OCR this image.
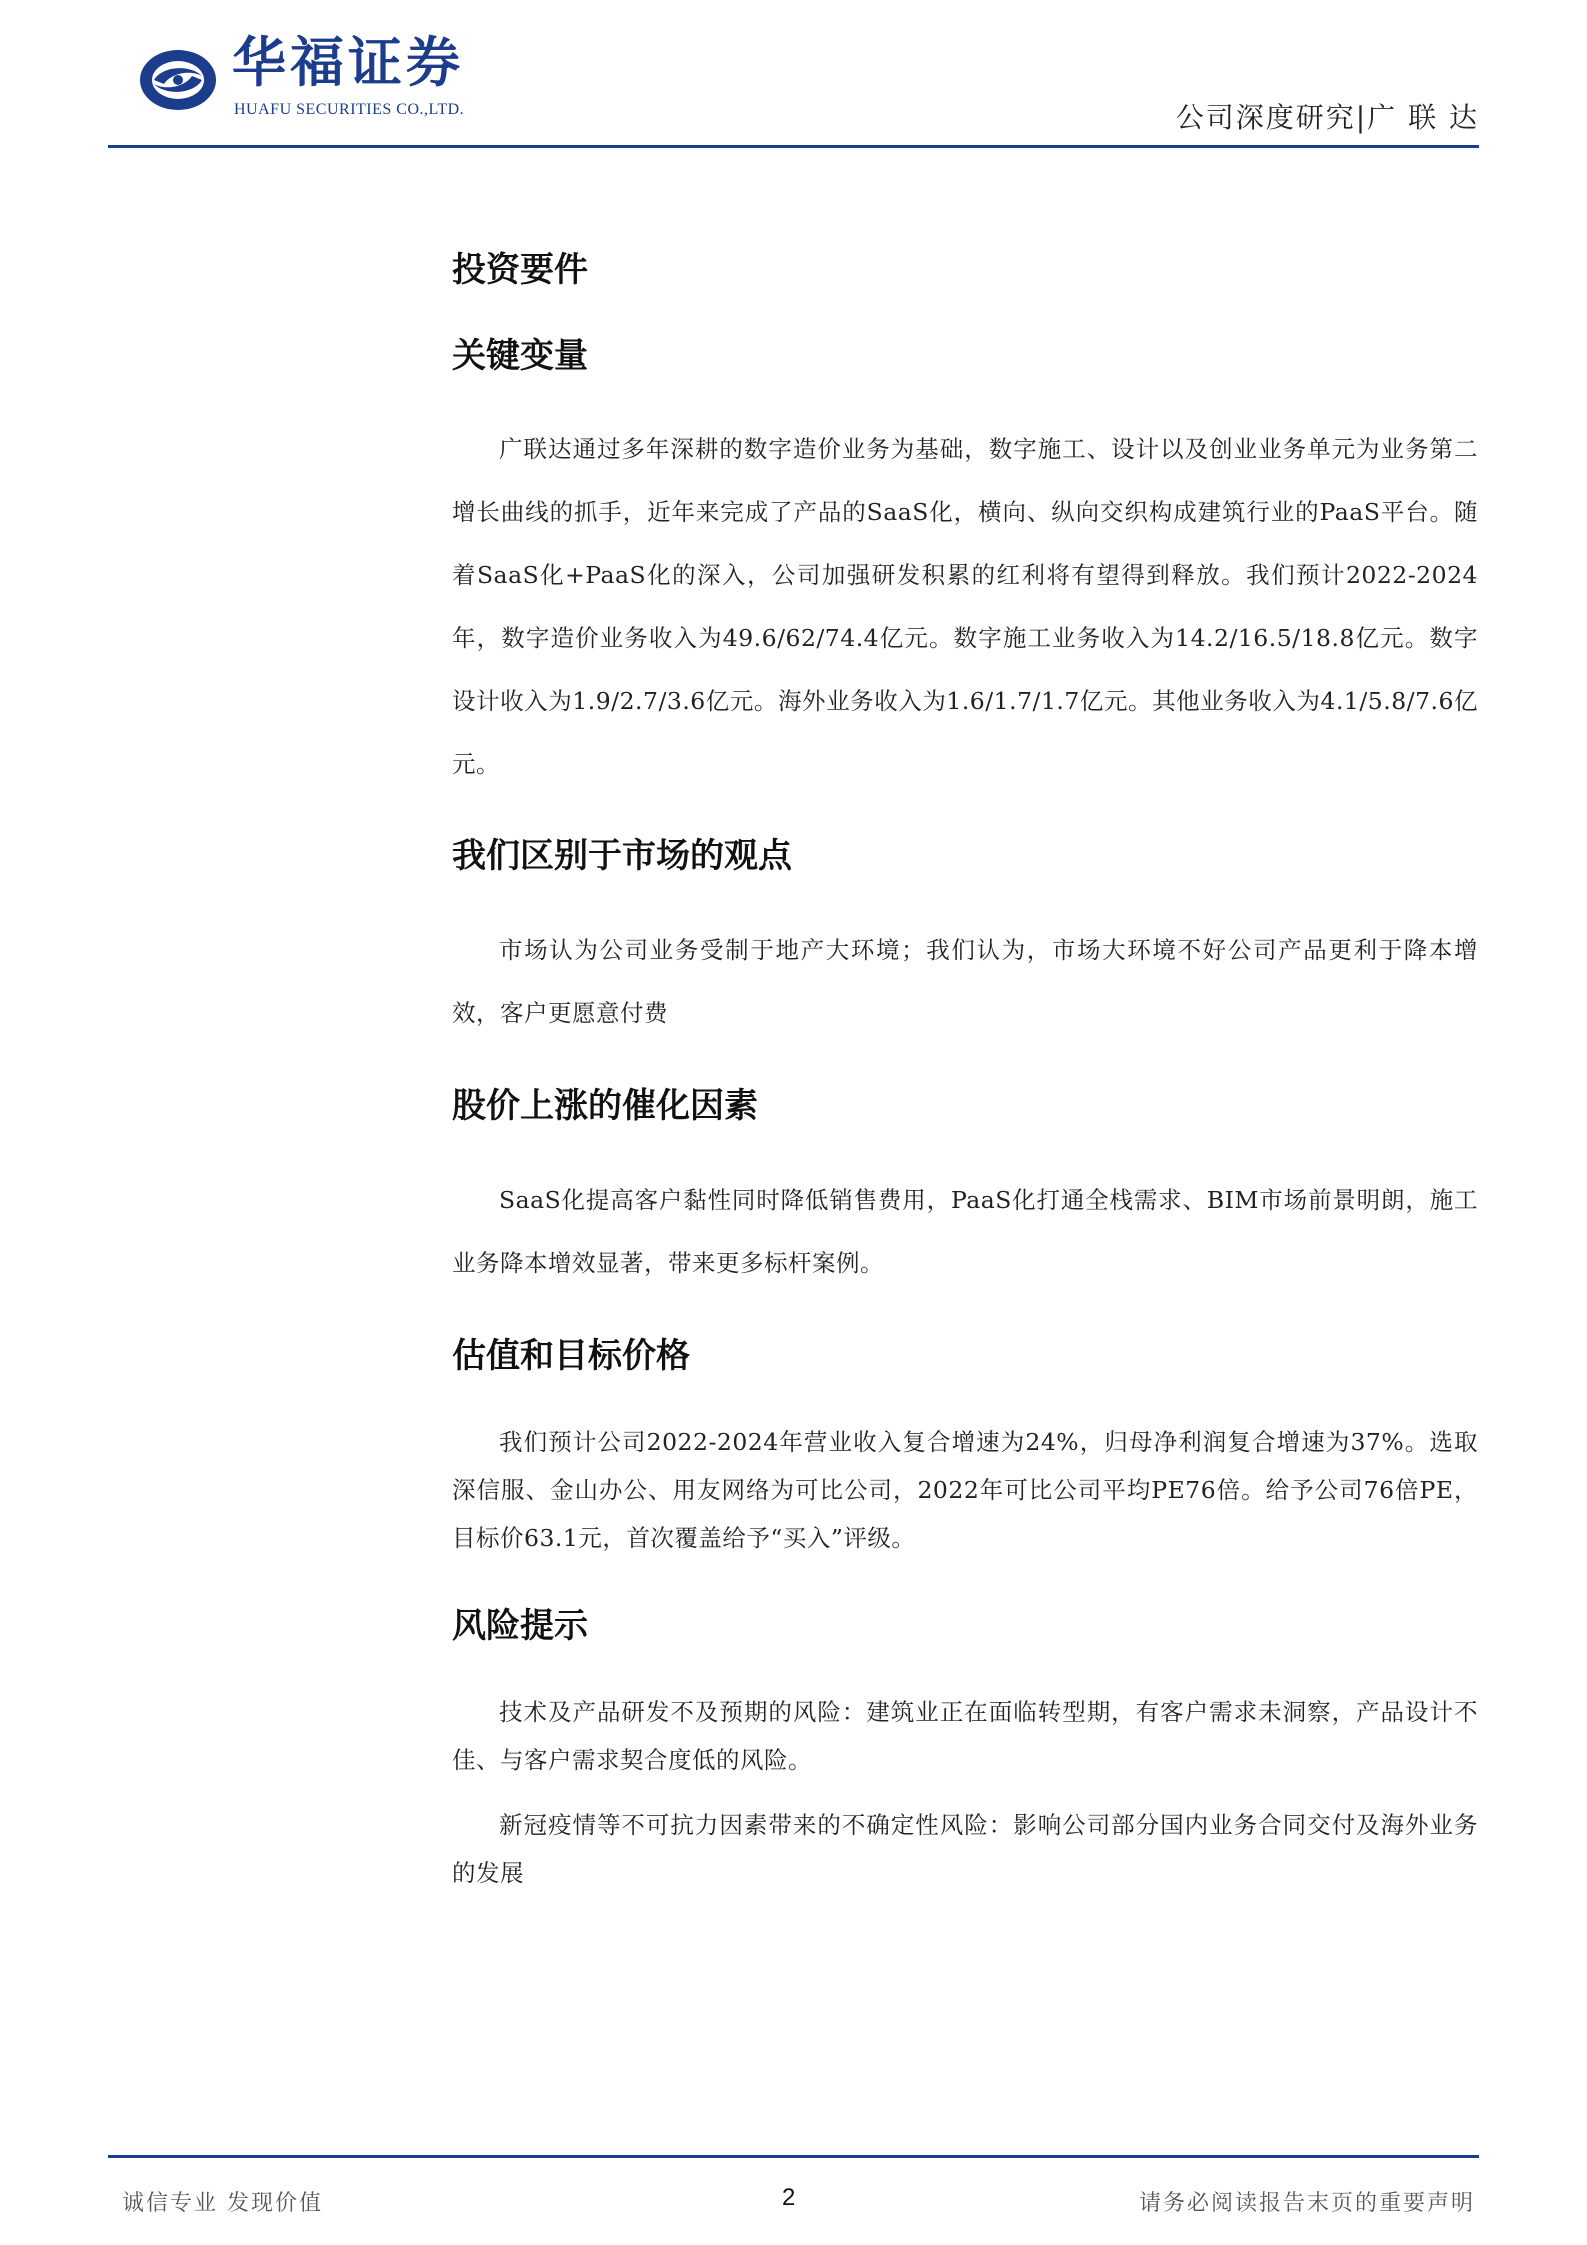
华福证券
HUAFU SECURITIES CO.,LTD.	公司深度研究|广 联 达
投资要件
关键变量

广联达通过多年深耕的数字造价业务为基础，数字施工、设计以及创业业务单元为业务第二增长曲线的抓手，近年来完成了产品的SaaS化，横向、纵向交织构成建筑行业的PaaS平台。随着SaaS化+PaaS化的深入，公司加强研发积累的红利将有望得到释放。我们预计2022-2024年，数字造价业务收入为49.6/62/74.4亿元。数字施工业务收入为14.2/16.5/18.8亿元。数字设计收入为1.9/2.7/3.6亿元。海外业务收入为1.6/1.7/1.7亿元。其他业务收入为4.1/5.8/7.6亿元。

我们区别于市场的观点

市场认为公司业务受制于地产大环境；我们认为，市场大环境不好公司产品更利于降本增效，客户更愿意付费

股价上涨的催化因素

SaaS化提高客户黏性同时降低销售费用，PaaS化打通全栈需求、BIM市场前景明朗，施工业务降本增效显著，带来更多标杆案例。

估值和目标价格

我们预计公司2022-2024年营业收入复合增速为24%，归母净利润复合增速为37%。选取深信服、金山办公、用友网络为可比公司，2022年可比公司平均PE76倍。给予公司76倍PE，目标价63.1元，首次覆盖给予“买入”评级。

风险提示

技术及产品研发不及预期的风险：建筑业正在面临转型期，有客户需求未洞察，产品设计不佳、与客户需求契合度低的风险。

新冠疫情等不可抗力因素带来的不确定性风险：影响公司部分国内业务合同交付及海外业务的发展

诚信专业 发现价值	2	请务必阅读报告末页的重要声明
